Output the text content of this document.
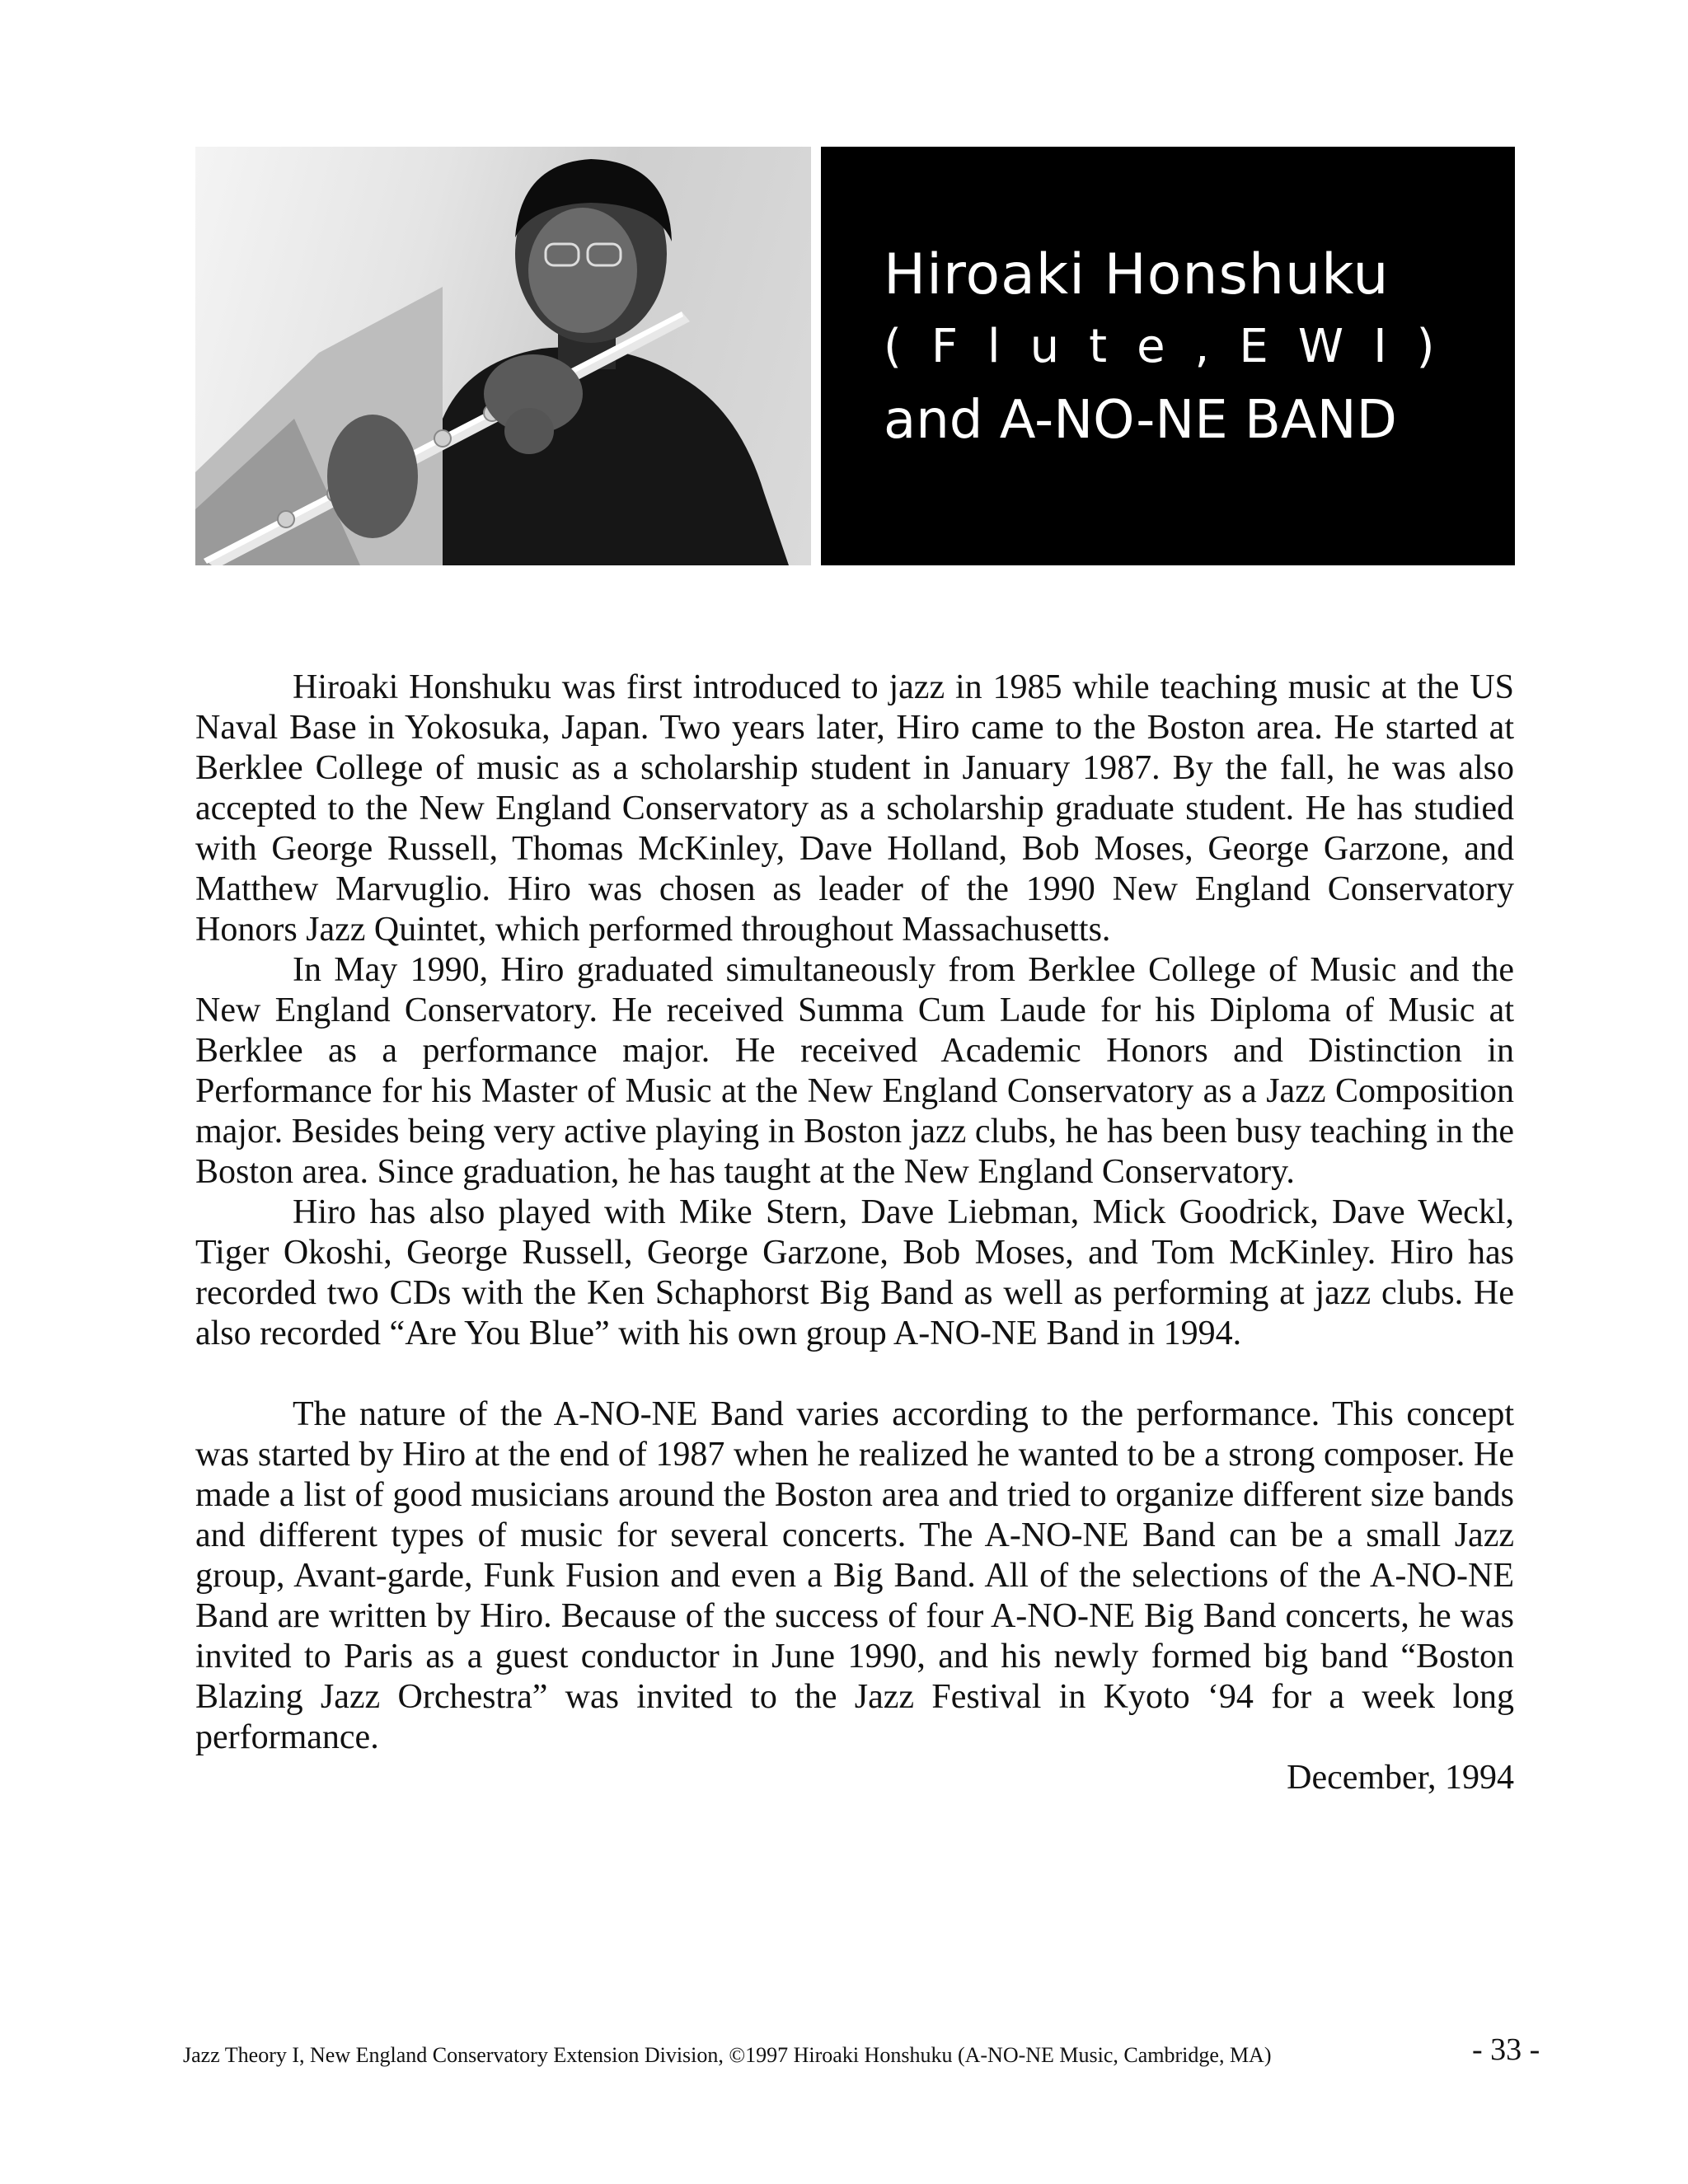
Hiroaki Honshuku
(Flute,EWI)
and A-NO-NE BAND

Hiroaki Honshuku was first introduced to jazz in 1985 while teaching music at the US Naval Base in Yokosuka, Japan. Two years later, Hiro came to the Boston area. He started at Berklee College of music as a scholarship student in January 1987. By the fall, he was also accepted to the New England Conservatory as a scholarship graduate student. He has studied with George Russell, Thomas McKinley, Dave Holland, Bob Moses, George Garzone, and Matthew Marvuglio. Hiro was chosen as leader of the 1990 New England Conservatory Honors Jazz Quintet, which performed throughout Massachusetts.

In May 1990, Hiro graduated simultaneously from Berklee College of Music and the New England Conservatory. He received Summa Cum Laude for his Diploma of Music at Berklee as a performance major. He received Academic Honors and Distinction in Performance for his Master of Music at the New England Conservatory as a Jazz Composition major. Besides being very active playing in Boston jazz clubs, he has been busy teaching in the Boston area. Since graduation, he has taught at the New England Conservatory.

Hiro has also played with Mike Stern, Dave Liebman, Mick Goodrick, Dave Weckl, Tiger Okoshi, George Russell, George Garzone, Bob Moses, and Tom McKinley. Hiro has recorded two CDs with the Ken Schaphorst Big Band as well as performing at jazz clubs. He also recorded “Are You Blue” with his own group A-NO-NE Band in 1994.

The nature of the A-NO-NE Band varies according to the performance. This concept was started by Hiro at the end of 1987 when he realized he wanted to be a strong composer. He made a list of good musicians around the Boston area and tried to organize different size bands and different types of music for several concerts. The A-NO-NE Band can be a small Jazz group, Avant-garde, Funk Fusion and even a Big Band. All of the selections of the A-NO-NE Band are written by Hiro. Because of the success of four A-NO-NE Big Band concerts, he was invited to Paris as a guest conductor in June 1990, and his newly formed big band “Boston Blazing Jazz Orchestra” was invited to the Jazz Festival in Kyoto ‘94 for a week long performance.

December, 1994

Jazz Theory I, New England Conservatory Extension Division, ©1997 Hiroaki Honshuku (A-NO-NE Music, Cambridge, MA)	- 33 -
